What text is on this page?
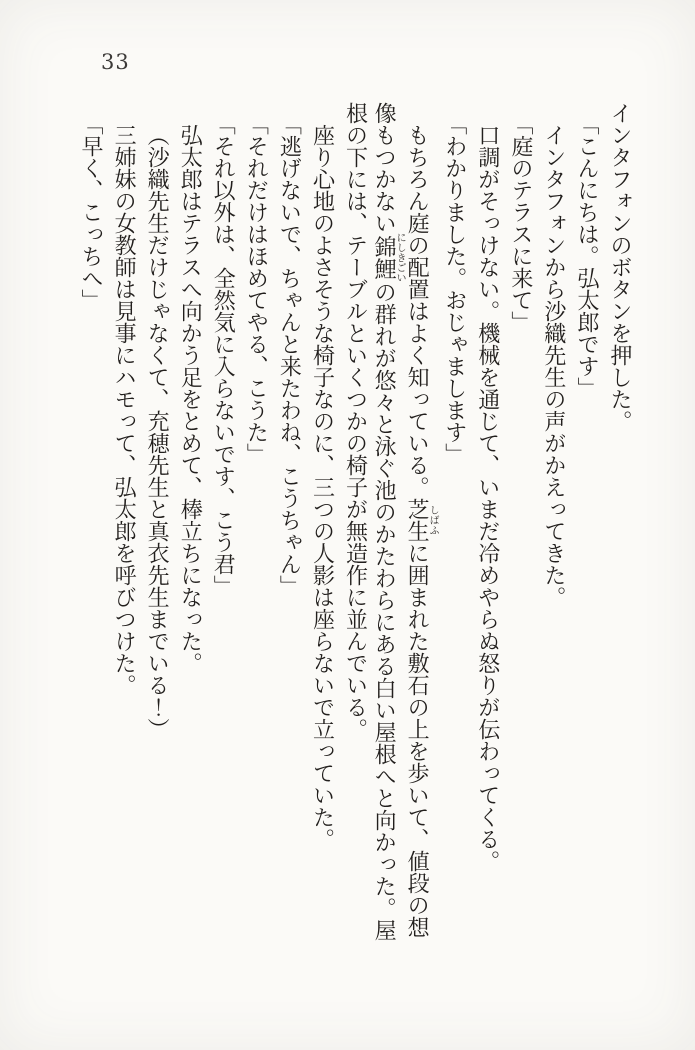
33
インタフォンのボタンを押した。
「こんにちは。弘太郎です」
インタフォンから沙織先生の声がかえってきた。
「庭のテラスに来て」
口調がそっけない。機械を通じて、いまだ冷めやらぬ怒りが伝わってくる。
「わかりました。おじゃまします」
もちろん庭の配置はよく知っている。芝生しばふに囲まれた敷石の上を歩いて、値段の想
像もつかない錦鯉にしきごいの群れが悠々と泳ぐ池のかたわらにある白い屋根へと向かった。屋
根の下には、テーブルといくつかの椅子が無造作に並んでいる。
座り心地のよさそうな椅子なのに、三つの人影は座らないで立っていた。
「逃げないで、ちゃんと来たわね、こうちゃん」
「それだけはほめてやる、こうた」
「それ以外は、全然気に入らないです、こう君」
弘太郎はテラスへ向かう足をとめて、棒立ちになった。
（沙織先生だけじゃなくて、充穂先生と真衣先生までいる！）
三姉妹の女教師は見事にハモって、弘太郎を呼びつけた。
「早く、こっちへ」
